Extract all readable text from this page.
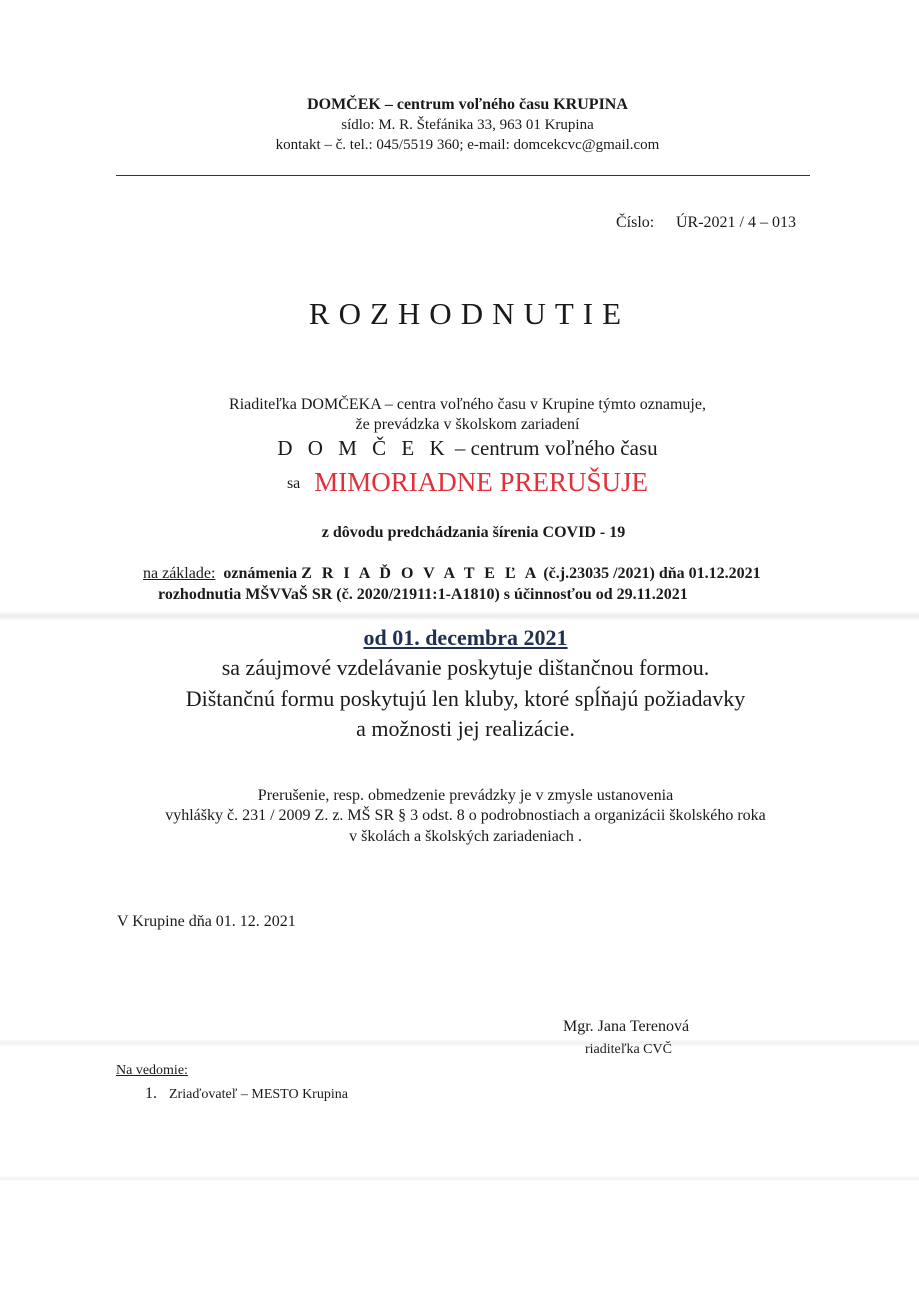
DOMČEK – centrum voľného času KRUPINA
sídlo: M. R. Štefánika 33, 963 01 Krupina
kontakt – č. tel.: 045/5519 360; e-mail: domcekcvc@gmail.com
Číslo: ÚR-2021 / 4 – 013
ROZHODNUTIE
Riaditeľka DOMČEKA – centra voľného času v Krupine týmto oznamuje,
že prevádzka v školskom zariadení
D O M Č E K – centrum voľného času
sa MIMORIADNE PRERUŠUJE
z dôvodu predchádzania šírenia COVID - 19
na základe: oznámenia Z R I A Ď O V A T E Ľ A (č.j.23035 /2021) dňa 01.12.2021
rozhodnutia MŠVVaŠ SR (č. 2020/21911:1-A1810) s účinnosťou od 29.11.2021
od 01. decembra 2021
sa záujmové vzdelávanie poskytuje dištančnou formou.
Dištančnú formu poskytujú len kluby, ktoré spĺňajú požiadavky
a možnosti jej realizácie.
Prerušenie, resp. obmedzenie prevádzky je v zmysle ustanovenia
vyhlášky č. 231 / 2009 Z. z. MŠ SR § 3 odst. 8 o podrobnostiach a organizácii školského roka
v školách a školských zariadeniach .
V Krupine dňa 01. 12. 2021
Mgr. Jana Terenová
riaditeľka CVČ
Na vedomie:
1. Zriaďovateľ – MESTO Krupina
